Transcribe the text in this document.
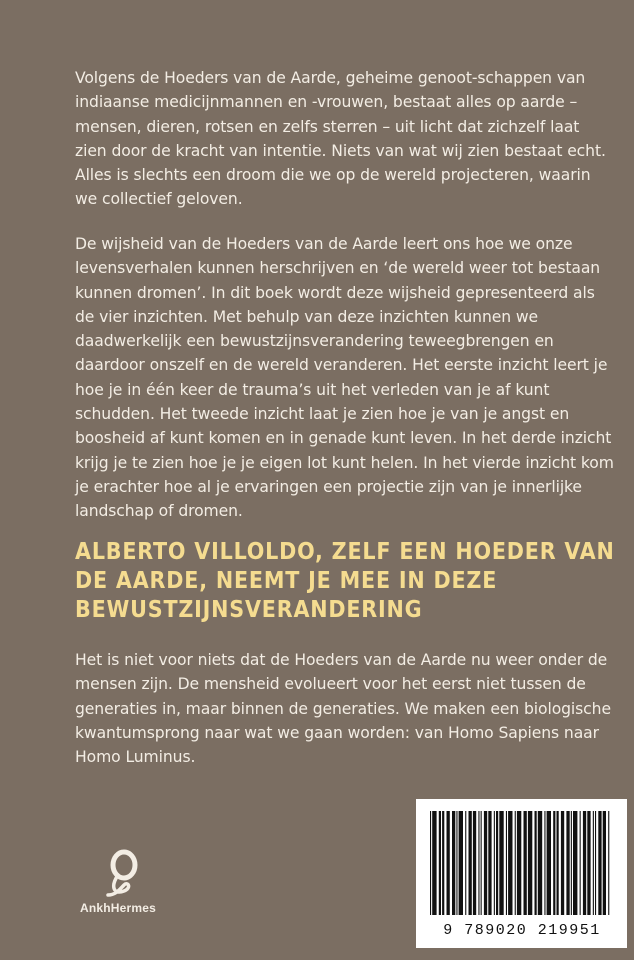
Volgens de Hoeders van de Aarde, geheime genoot-schappen van indiaanse medicijnmannen en -vrouwen, bestaat alles op aarde – mensen, dieren, rotsen en zelfs sterren – uit licht dat zichzelf laat zien door de kracht van intentie. Niets van wat wij zien bestaat echt. Alles is slechts een droom die we op de wereld projecteren, waarin we collectief geloven.

De wijsheid van de Hoeders van de Aarde leert ons hoe we onze levensverhalen kunnen herschrijven en ‘de wereld weer tot bestaan kunnen dromen’. In dit boek wordt deze wijsheid gepresenteerd als de vier inzichten. Met behulp van deze inzichten kunnen we daadwerkelijk een bewustzijnsverandering teweegbrengen en daardoor onszelf en de wereld veranderen. Het eerste inzicht leert je hoe je in één keer de trauma’s uit het verleden van je af kunt schudden. Het tweede inzicht laat je zien hoe je van je angst en boosheid af kunt komen en in genade kunt leven. In het derde inzicht krijg je te zien hoe je je eigen lot kunt helen. In het vierde inzicht kom je erachter hoe al je ervaringen een projectie zijn van je innerlijke landschap of dromen.

ALBERTO VILLOLDO, ZELF EEN HOEDER VAN DE AARDE, NEEMT JE MEE IN DEZE BEWUSTZIJNSVERANDERING

Het is niet voor niets dat de Hoeders van de Aarde nu weer onder de mensen zijn. De mensheid evolueert voor het eerst niet tussen de generaties in, maar binnen de generaties. We maken een biologische kwantumsprong naar wat we gaan worden: van Homo Sapiens naar Homo Luminus.

AnkhHermes
9 789020 219951
